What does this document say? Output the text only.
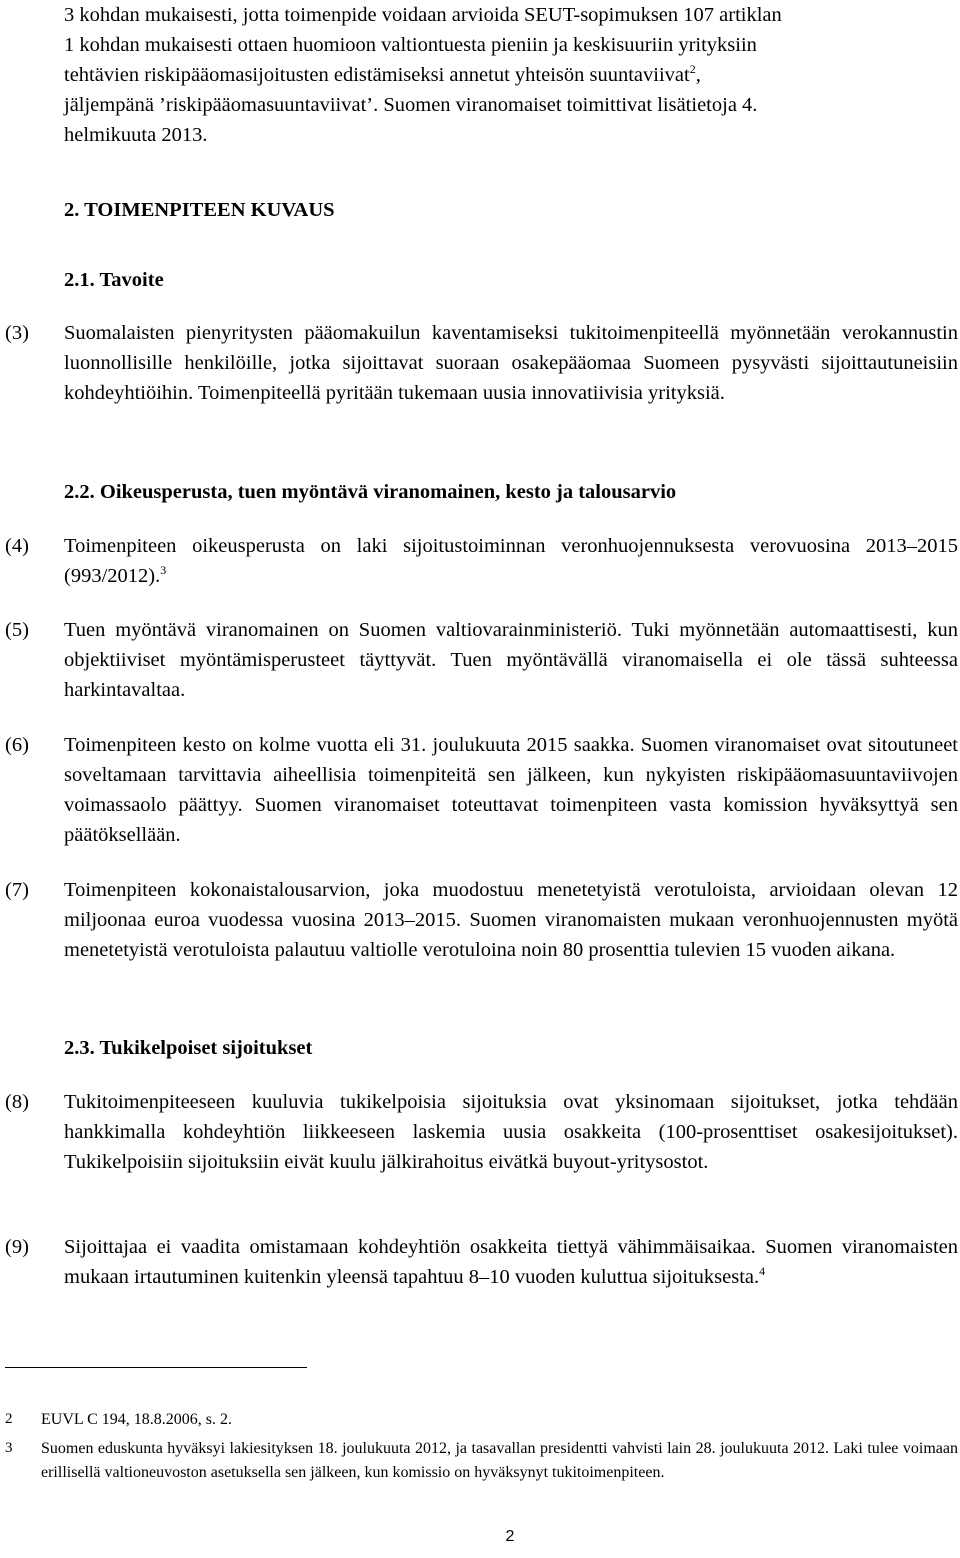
3 kohdan mukaisesti, jotta toimenpide voidaan arvioida SEUT-sopimuksen 107 artiklan
1 kohdan mukaisesti ottaen huomioon valtiontuesta pieniin ja keskisuuriin yrityksiin
tehtävien riskipääomasijoitusten edistämiseksi annetut yhteisön suuntaviivat$^2$,
jäljempänä ’riskipääomasuuntaviivat’. Suomen viranomaiset toimittivat lisätietoja 4.
helmikuuta 2013.
2. TOIMENPITEEN KUVAUS
2.1. Tavoite
(3) Suomalaisten pienyritysten pääomakuilun kaventamiseksi tukitoimenpiteellä myönnetään verokannustin luonnollisille henkilöille, jotka sijoittavat suoraan osakepääomaa Suomeen pysyvästi sijoittautuneisiin kohdeyhtiöihin. Toimenpiteellä pyritään tukemaan uusia innovatiivisia yrityksiä.
2.2. Oikeusperusta, tuen myöntävä viranomainen, kesto ja talousarvio
(4) Toimenpiteen oikeusperusta on laki sijoitustoiminnan veronhuojennuksesta verovuosina 2013–2015 (993/2012).$^3$
(5) Tuen myöntävä viranomainen on Suomen valtiovarainministeriö. Tuki myönnetään automaattisesti, kun objektiiviset myöntämisperusteet täyttyvät. Tuen myöntävällä viranomaisella ei ole tässä suhteessa harkintavaltaa.
(6) Toimenpiteen kesto on kolme vuotta eli 31. joulukuuta 2015 saakka. Suomen viranomaiset ovat sitoutuneet soveltamaan tarvittavia aiheellisia toimenpiteitä sen jälkeen, kun nykyisten riskipääomasuuntaviivojen voimassaolo päättyy. Suomen viranomaiset toteuttavat toimenpiteen vasta komission hyväksyttyä sen päätöksellään.
(7) Toimenpiteen kokonaistalousarvion, joka muodostuu menetetyistä verotuloista, arvioidaan olevan 12 miljoonaa euroa vuodessa vuosina 2013–2015. Suomen viranomaisten mukaan veronhuojennusten myötä menetetyistä verotuloista palautuu valtiolle verotuloina noin 80 prosenttia tulevien 15 vuoden aikana.
2.3. Tukikelpoiset sijoitukset
(8) Tukitoimenpiteeseen kuuluvia tukikelpoisia sijoituksia ovat yksinomaan sijoitukset, jotka tehdään hankkimalla kohdeyhtiön liikkeeseen laskemia uusia osakkeita (100-prosenttiset osakesijoitukset). Tukikelpoisiin sijoituksiin eivät kuulu jälkirahoitus eivätkä buyout-yritysostot.
(9) Sijoittajaa ei vaadita omistamaan kohdeyhtiön osakkeita tiettyä vähimmäisaikaa. Suomen viranomaisten mukaan irtautuminen kuitenkin yleensä tapahtuu 8–10 vuoden kuluttua sijoituksesta.$^4$
2 EUVL C 194, 18.8.2006, s. 2.
3 Suomen eduskunta hyväksyi lakiesityksen 18. joulukuuta 2012, ja tasavallan presidentti vahvisti lain 28. joulukuuta 2012. Laki tulee voimaan erillisellä valtioneuvoston asetuksella sen jälkeen, kun komissio on hyväksynyt tukitoimenpiteen.
2
